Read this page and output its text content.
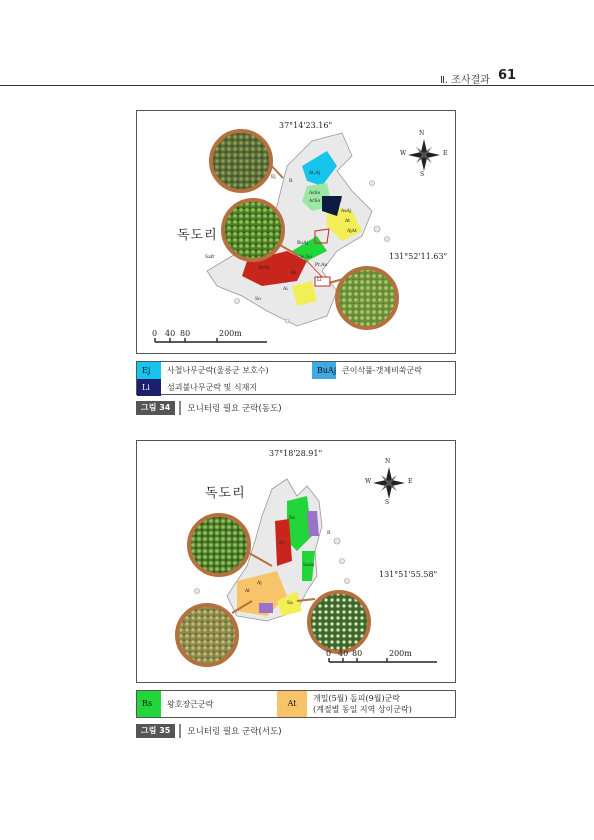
Ⅱ. 조사결과 61
37°14'23.16"
131°52'11.63"
독도리
N
S
E
W
0 40 80	200m
Ej
At,Aj
R
AsSo
ArSo As,Aj
At
AsAj
AjAt
BuAj
As,So
Safr
BvAj
Li
Pr,Au
Ai
So
Rs
Ej	사철나무군락(울릉군 보호수)	BuAj 큰이삭풀-갯제비쑥군락
Li	섬괴불나무군락 및 식재지
그림 34	모니터링 필요 군락(동도)
37°18'28.91"
131°51'55.58"
독도리
N
S
E
W
0 40 80	200m
Rs
At
Aj
Sa
SaAs
Ar
R
Rs	왕호장근군락	At
개밀(5월) 돌피(9월)군락
(계절별 동일 지역 상이군락)
그림 35	모니터링 필요 군락(서도)
